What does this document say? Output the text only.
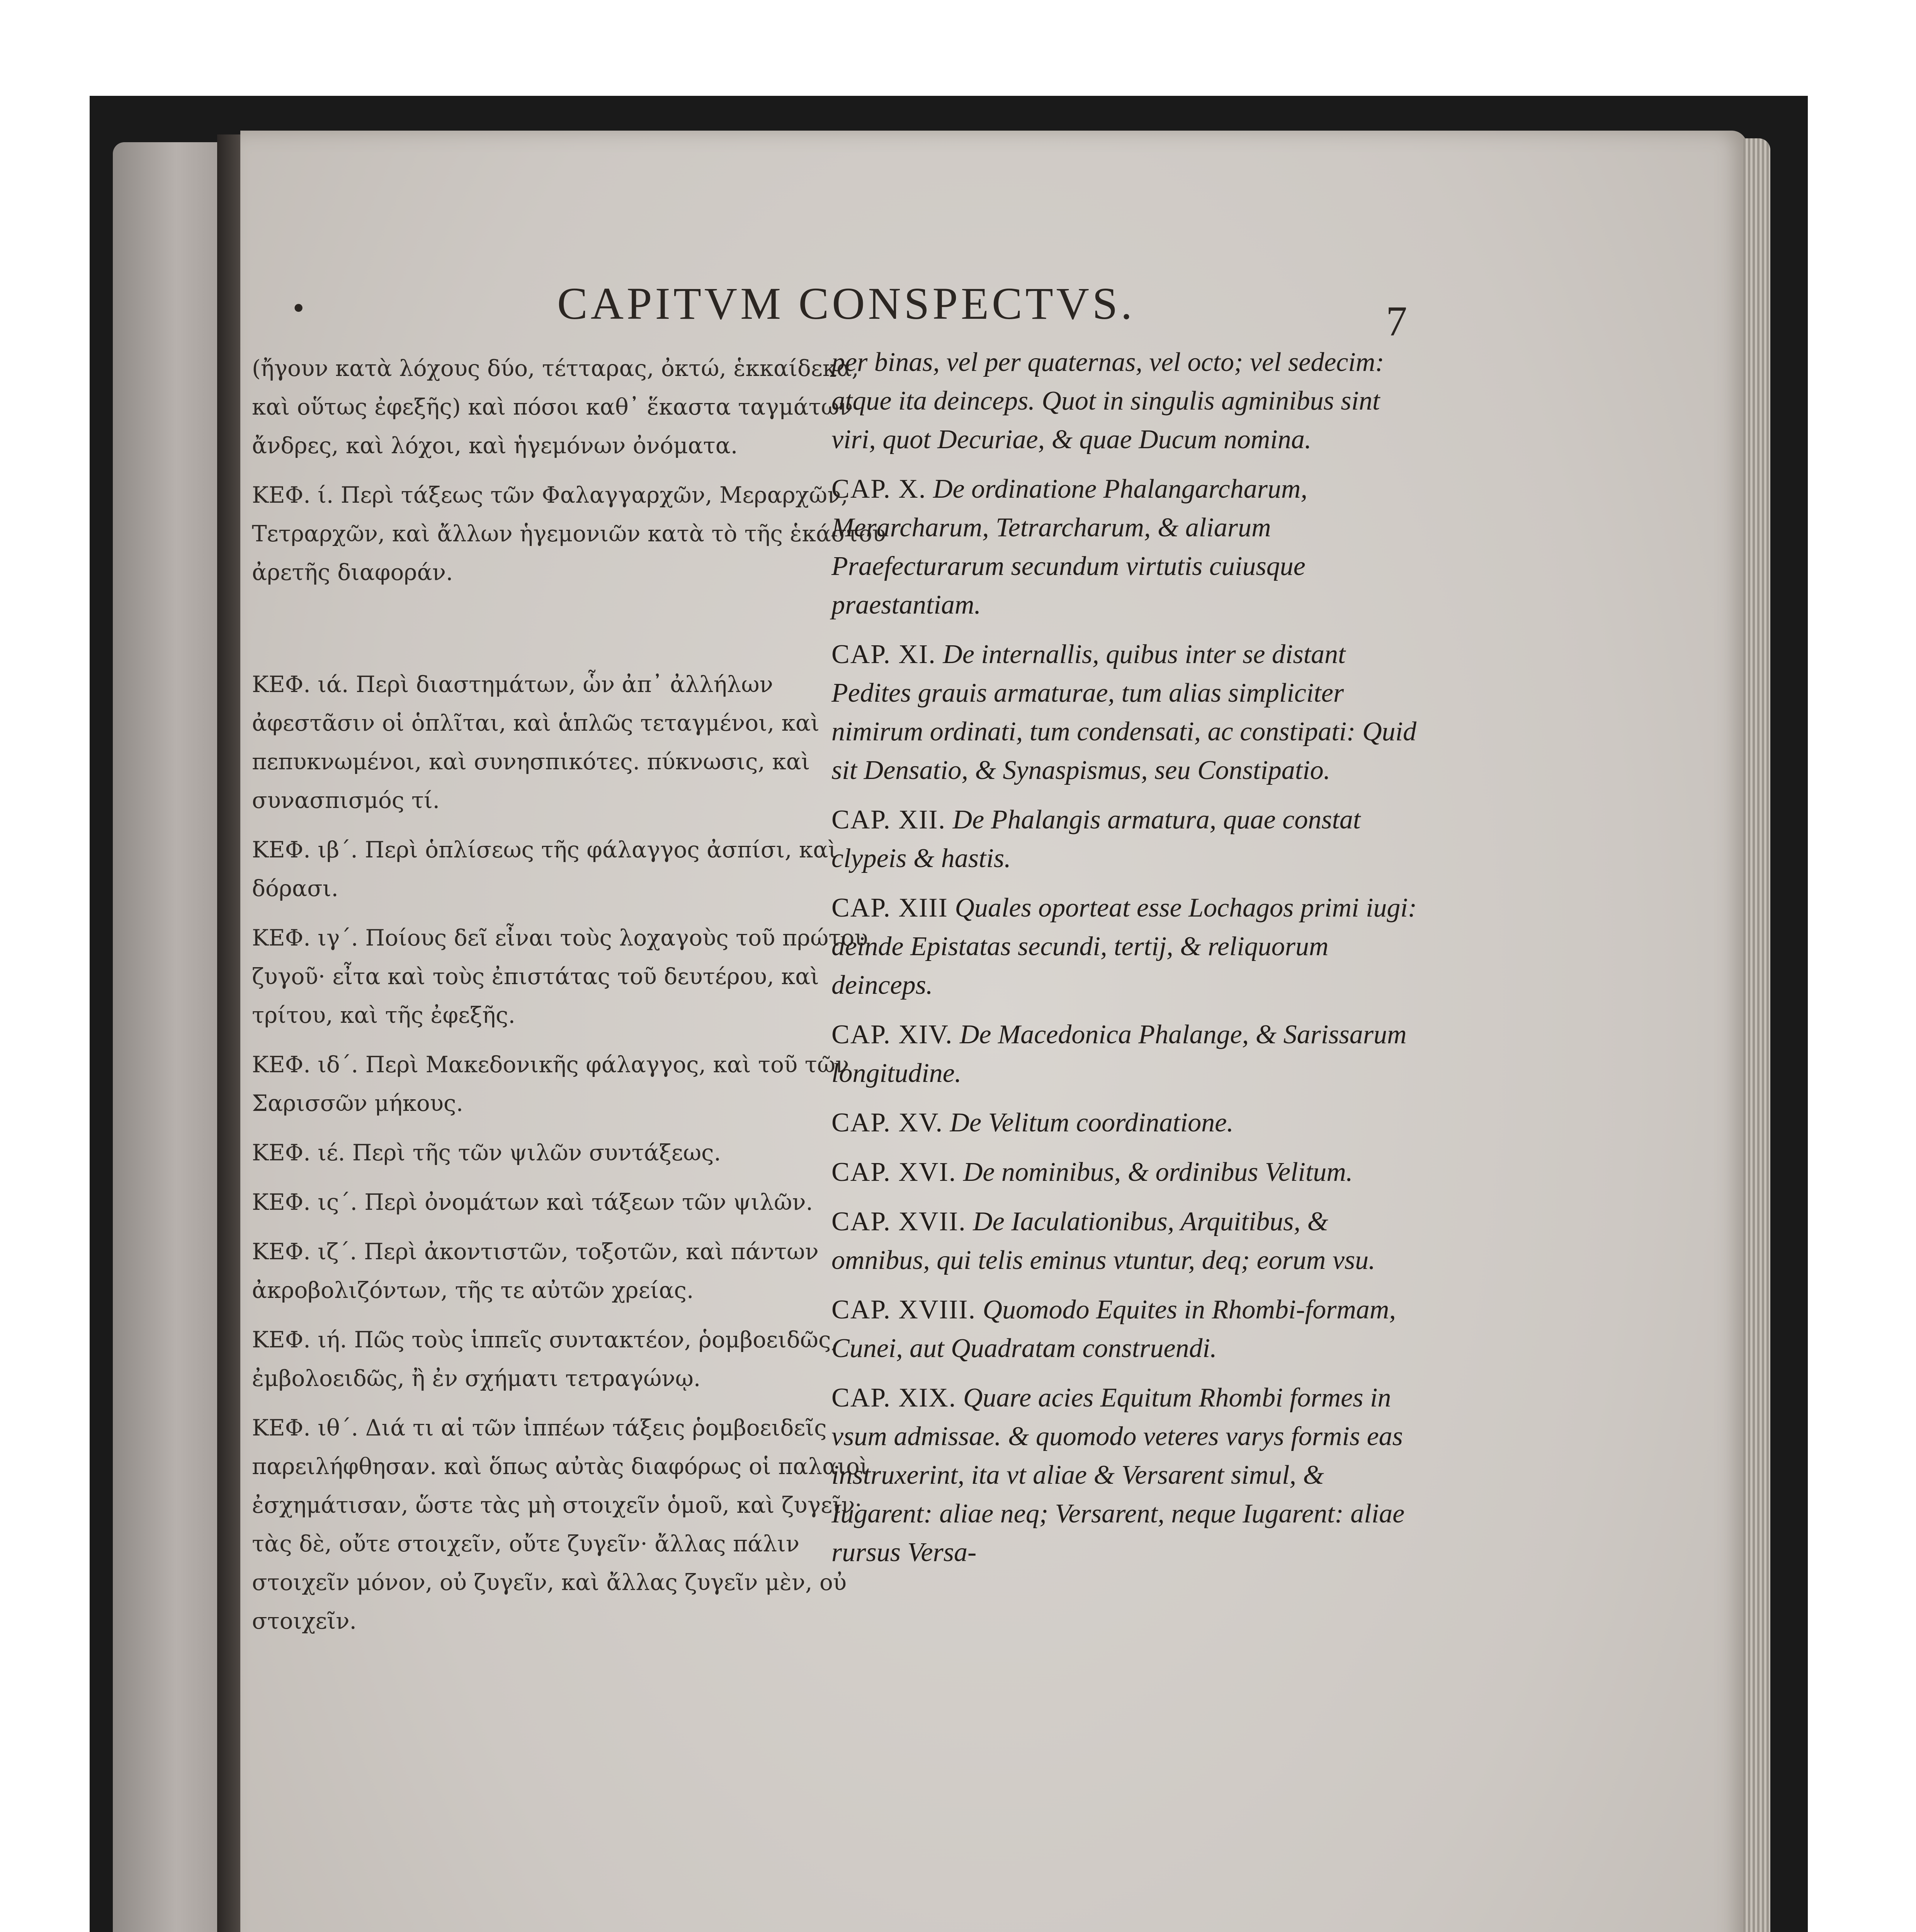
•	CAPITVM CONSPECTVS.	7

(ἤγουν κατὰ λόχους δύο, τέτταρας, ὀκτώ, ἑκκαίδεκα, καὶ οὕτως ἐφεξῆς) καὶ πόσοι καθ᾽ ἕκαστα ταγμάτων ἄνδρες, καὶ λόχοι, καὶ ἡγεμόνων ὀνόματα.

ΚΕΦ. ί. Περὶ τάξεως τῶν Φαλαγγαρχῶν, Μεραρχῶν, Τετραρχῶν, καὶ ἄλλων ἡγεμονιῶν κατὰ τὸ τῆς ἑκάστου ἀρετῆς διαφοράν.

ΚΕΦ. ιά. Περὶ διαστημάτων, ὧν ἀπ᾽ ἀλλήλων ἀφεστᾶσιν οἱ ὁπλῖται, καὶ ἁπλῶς τεταγμένοι, καὶ πεπυκνωμένοι, καὶ συνησπικότες. πύκνωσις, καὶ συνασπισμός τί.

ΚΕΦ. ιβ΄. Περὶ ὁπλίσεως τῆς φάλαγγος ἀσπίσι, καὶ δόρασι.

ΚΕΦ. ιγ΄. Ποίους δεῖ εἶναι τοὺς λοχαγοὺς τοῦ πρώτου ζυγοῦ· εἶτα καὶ τοὺς ἐπιστάτας τοῦ δευτέρου, καὶ τρίτου, καὶ τῆς ἐφεξῆς.

ΚΕΦ. ιδ΄. Περὶ Μακεδονικῆς φάλαγγος, καὶ τοῦ τῶν Σαρισσῶν μήκους.

ΚΕΦ. ιέ. Περὶ τῆς τῶν ψιλῶν συντάξεως.

ΚΕΦ. ις΄. Περὶ ὀνομάτων καὶ τάξεων τῶν ψιλῶν.

ΚΕΦ. ιζ΄. Περὶ ἀκοντιστῶν, τοξοτῶν, καὶ πάντων ἀκροβολιζόντων, τῆς τε αὐτῶν χρείας.

ΚΕΦ. ιή. Πῶς τοὺς ἱππεῖς συντακτέον, ῥομβοειδῶς, ἐμβολοειδῶς, ἢ ἐν σχήματι τετραγώνῳ.

ΚΕΦ. ιθ΄. Διά τι αἱ τῶν ἱππέων τάξεις ῥομβοειδεῖς παρειλήφθησαν. καὶ ὅπως αὐτὰς διαφόρως οἱ παλαιοὶ ἐσχημάτισαν, ὥστε τὰς μὴ στοιχεῖν ὁμοῦ, καὶ ζυγεῖν· τὰς δὲ, οὔτε στοιχεῖν, οὔτε ζυγεῖν· ἄλλας πάλιν στοιχεῖν μόνον, οὐ ζυγεῖν, καὶ ἄλλας ζυγεῖν μὲν, οὐ στοιχεῖν.

per binas, vel per quaternas, vel octo; vel sedecim: atque ita deinceps. Quot in singulis agminibus sint viri, quot Decuriae, & quae Ducum nomina.

CAP. X. De ordinatione Phalangarcharum, Merarcharum, Tetrarcharum, & aliarum Praefecturarum secundum virtutis cuiusque praestantiam.

CAP. XI. De internallis, quibus inter se distant Pedites grauis armaturae, tum alias simpliciter nimirum ordinati, tum condensati, ac constipati: Quid sit Densatio, & Synaspismus, seu Constipatio.

CAP. XII. De Phalangis armatura, quae constat clypeis & hastis.

CAP. XIII Quales oporteat esse Lochagos primi iugi: deinde Epistatas secundi, tertij, & reliquorum deinceps.

CAP. XIV. De Macedonica Phalange, & Sarissarum longitudine.

CAP. XV. De Velitum coordinatione.

CAP. XVI. De nominibus, & ordinibus Velitum.

CAP. XVII. De Iaculationibus, Arquitibus, & omnibus, qui telis eminus vtuntur, deq; eorum vsu.

CAP. XVIII. Quomodo Equites in Rhombi-formam, Cunei, aut Quadratam construendi.

CAP. XIX. Quare acies Equitum Rhombi formes in vsum admissae. & quomodo veteres varys formis eas instruxerint, ita vt aliae & Versarent simul, & Iugarent: aliae neq; Versarent, neque Iugarent: aliae rursus Versa-
